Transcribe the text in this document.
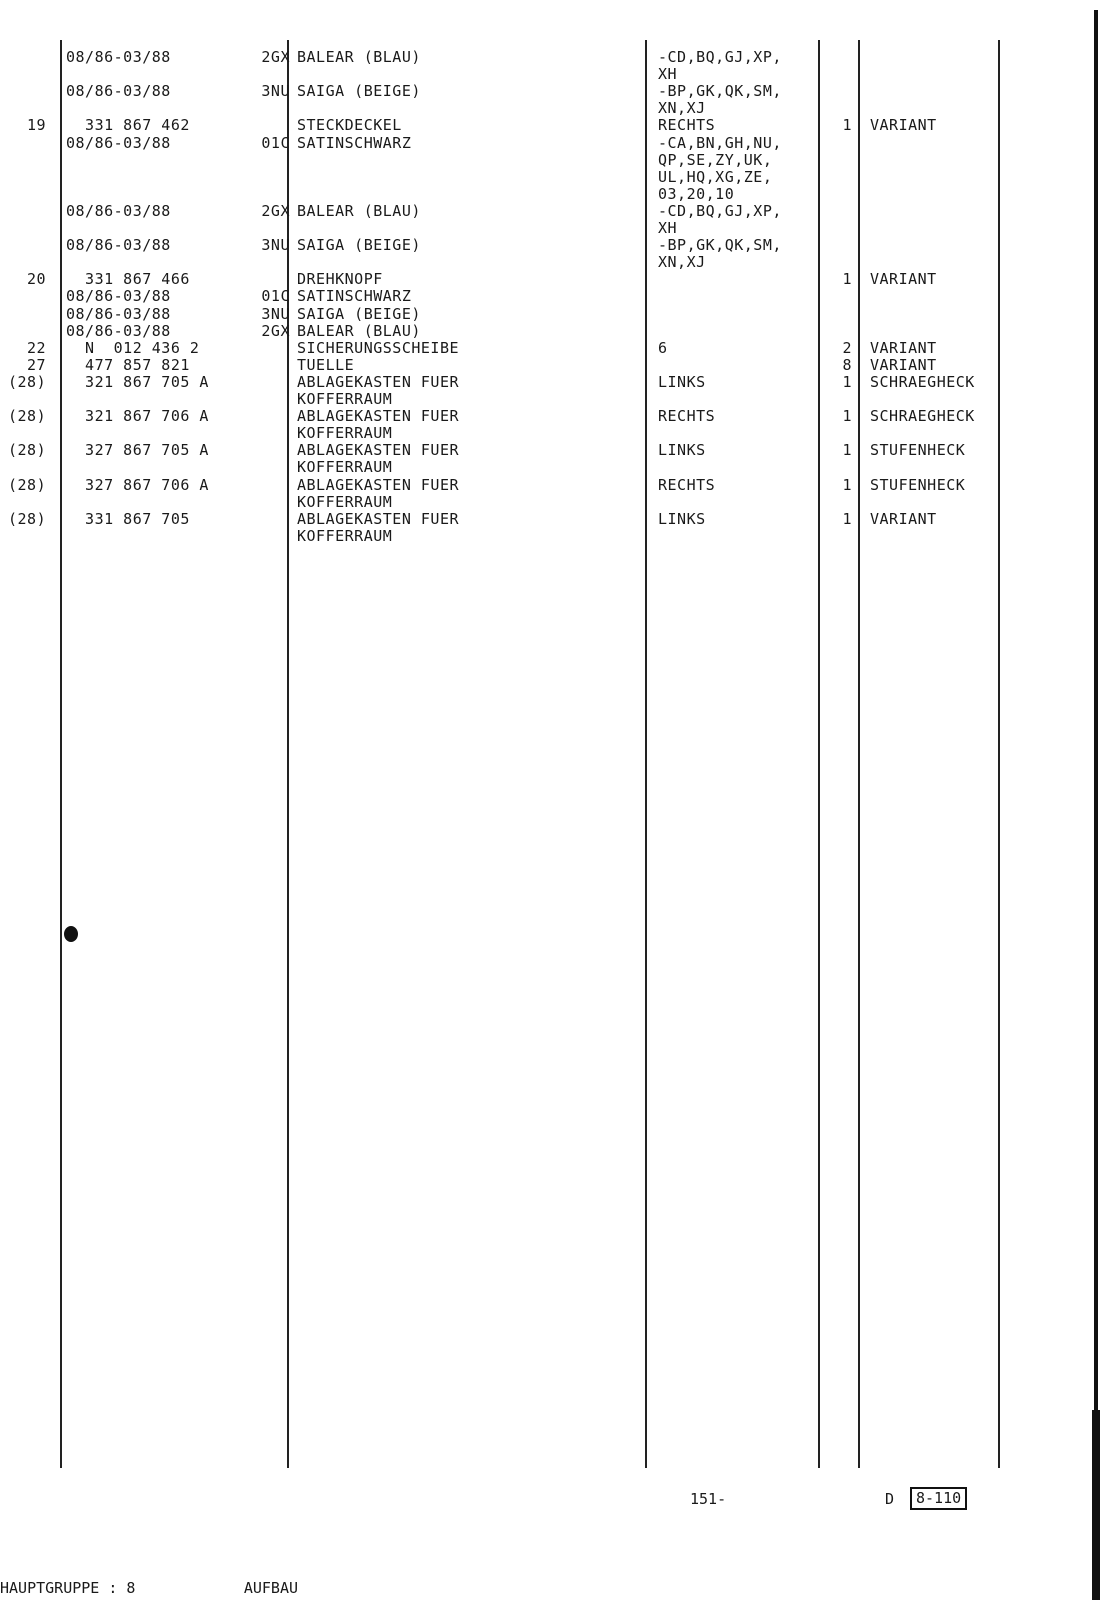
08/86-03/88	2GX BALEAR (BLAU)	-CD,BQ,GJ,XP,
XH
08/86-03/88	3NU SAIGA (BEIGE)	-BP,GK,QK,SM,
XN,XJ
19 331 867 462	STECKDECKEL	RECHTS	1 VARIANT
08/86-03/88	01C SATINSCHWARZ	-CA,BN,GH,NU,
QP,SE,ZY,UK,
UL,HQ,XG,ZE,
03,20,10
08/86-03/88	2GX BALEAR (BLAU)	-CD,BQ,GJ,XP,
XH
08/86-03/88	3NU SAIGA (BEIGE)	-BP,GK,QK,SM,
XN,XJ
20 331 867 466	DREHKNOPF	1 VARIANT
08/86-03/88	01C SATINSCHWARZ
08/86-03/88	3NU SAIGA (BEIGE)
08/86-03/88	2GX BALEAR (BLAU)
22 N  012 436 2	SICHERUNGSSCHEIBE	6	2 VARIANT
27 477 857 821	TUELLE	8 VARIANT
(28) 321 867 705 A	ABLAGEKASTEN FUER	LINKS	1 SCHRAEGHECK
KOFFERRAUM
(28) 321 867 706 A	ABLAGEKASTEN FUER	RECHTS	1 SCHRAEGHECK
KOFFERRAUM
(28) 327 867 705 A	ABLAGEKASTEN FUER	LINKS	1 STUFENHECK
KOFFERRAUM
(28) 327 867 706 A	ABLAGEKASTEN FUER	RECHTS	1 STUFENHECK
KOFFERRAUM
(28) 331 867 705	ABLAGEKASTEN FUER	LINKS	1 VARIANT
KOFFERRAUM
151-	D	8-110
HAUPTGRUPPE : 8	AUFBAU
